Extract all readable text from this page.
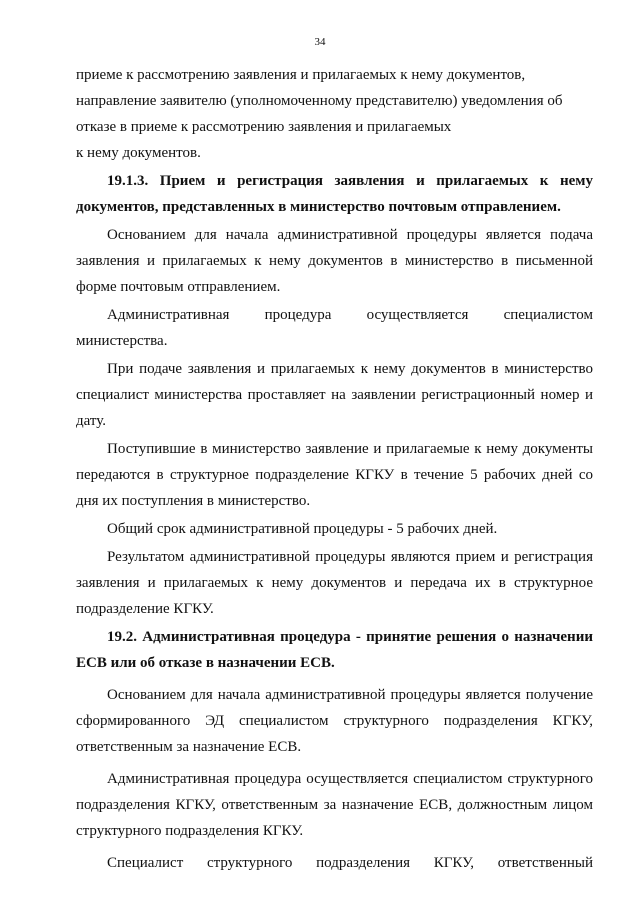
34

приеме к рассмотрению заявления и прилагаемых к нему документов,
направление заявителю (уполномоченному представителю) уведомления об
отказе в приеме к рассмотрению заявления и прилагаемых
к нему документов.

19.1.3. Прием и регистрация заявления и прилагаемых к нему документов, представленных в министерство почтовым отправлением.

Основанием для начала административной процедуры является подача заявления и прилагаемых к нему документов в министерство в письменной форме почтовым отправлением.

Административная процедура осуществляется специалистом министерства.

При подаче заявления и прилагаемых к нему документов в министерство специалист министерства проставляет на заявлении регистрационный номер и дату.

Поступившие в министерство заявление и прилагаемые к нему документы передаются в структурное подразделение КГКУ в течение 5 рабочих дней со дня их поступления в министерство.

Общий срок административной процедуры - 5 рабочих дней.

Результатом административной процедуры являются прием и регистрация заявления и прилагаемых к нему документов и передача их в структурное подразделение КГКУ.

19.2. Административная процедура - принятие решения о назначении ЕСВ или об отказе в назначении ЕСВ.

Основанием для начала административной процедуры является получение сформированного ЭД специалистом структурного подразделения КГКУ, ответственным за назначение ЕСВ.

Административная процедура осуществляется специалистом структурного подразделения КГКУ, ответственным за назначение ЕСВ, должностным лицом структурного подразделения КГКУ.

Специалист структурного подразделения КГКУ, ответственный
